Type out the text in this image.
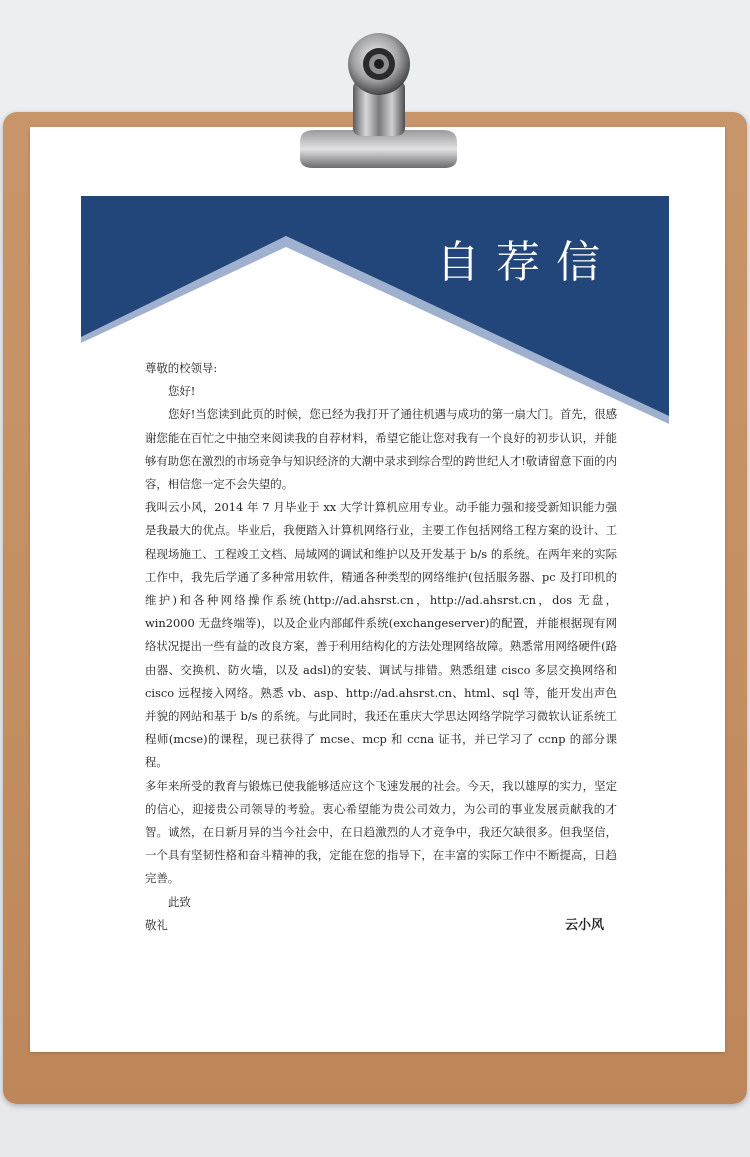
自荐信

尊敬的校领导:

您好!

您好!当您读到此页的时候，您已经为我打开了通往机遇与成功的第一扇大门。首先，很感谢您能在百忙之中抽空来阅读我的自荐材料，希望它能让您对我有一个良好的初步认识，并能够有助您在激烈的市场竞争与知识经济的大潮中录求到综合型的跨世纪人才!敬请留意下面的内容，相信您一定不会失望的。

我叫云小风，2014 年 7 月毕业于 xx 大学计算机应用专业。动手能力强和接受新知识能力强是我最大的优点。毕业后，我便踏入计算机网络行业，主要工作包括网络工程方案的设计、工程现场施工、工程竣工文档、局域网的调试和维护以及开发基于 b/s 的系统。在两年来的实际工作中，我先后学通了多种常用软件，精通各种类型的网络维护(包括服务器、pc 及打印机的维护)和各种网络操作系统(http://ad.ahsrst.cn，http://ad.ahsrst.cn，dos 无盘，win2000 无盘终端等)，以及企业内部邮件系统(exchangeserver)的配置，并能根据现有网络状况提出一些有益的改良方案，善于利用结构化的方法处理网络故障。熟悉常用网络硬件(路由器、交换机、防火墙，以及 adsl)的安装、调试与排错。熟悉组建 cisco 多层交换网络和 cisco 远程接入网络。熟悉 vb、asp、http://ad.ahsrst.cn、html、sql 等，能开发出声色并貌的网站和基于 b/s 的系统。与此同时，我还在重庆大学思达网络学院学习微软认证系统工程师(mcse)的课程，现已获得了 mcse、mcp 和 ccna 证书，并已学习了 ccnp 的部分课程。

多年来所受的教育与锻炼已使我能够适应这个飞速发展的社会。今天，我以雄厚的实力，坚定的信心，迎接贵公司领导的考验。衷心希望能为贵公司效力，为公司的事业发展贡献我的才智。诚然，在日新月异的当今社会中，在日趋激烈的人才竞争中，我还欠缺很多。但我坚信，一个具有坚韧性格和奋斗精神的我，定能在您的指导下，在丰富的实际工作中不断提高，日趋完善。

此致

敬礼	云小风
